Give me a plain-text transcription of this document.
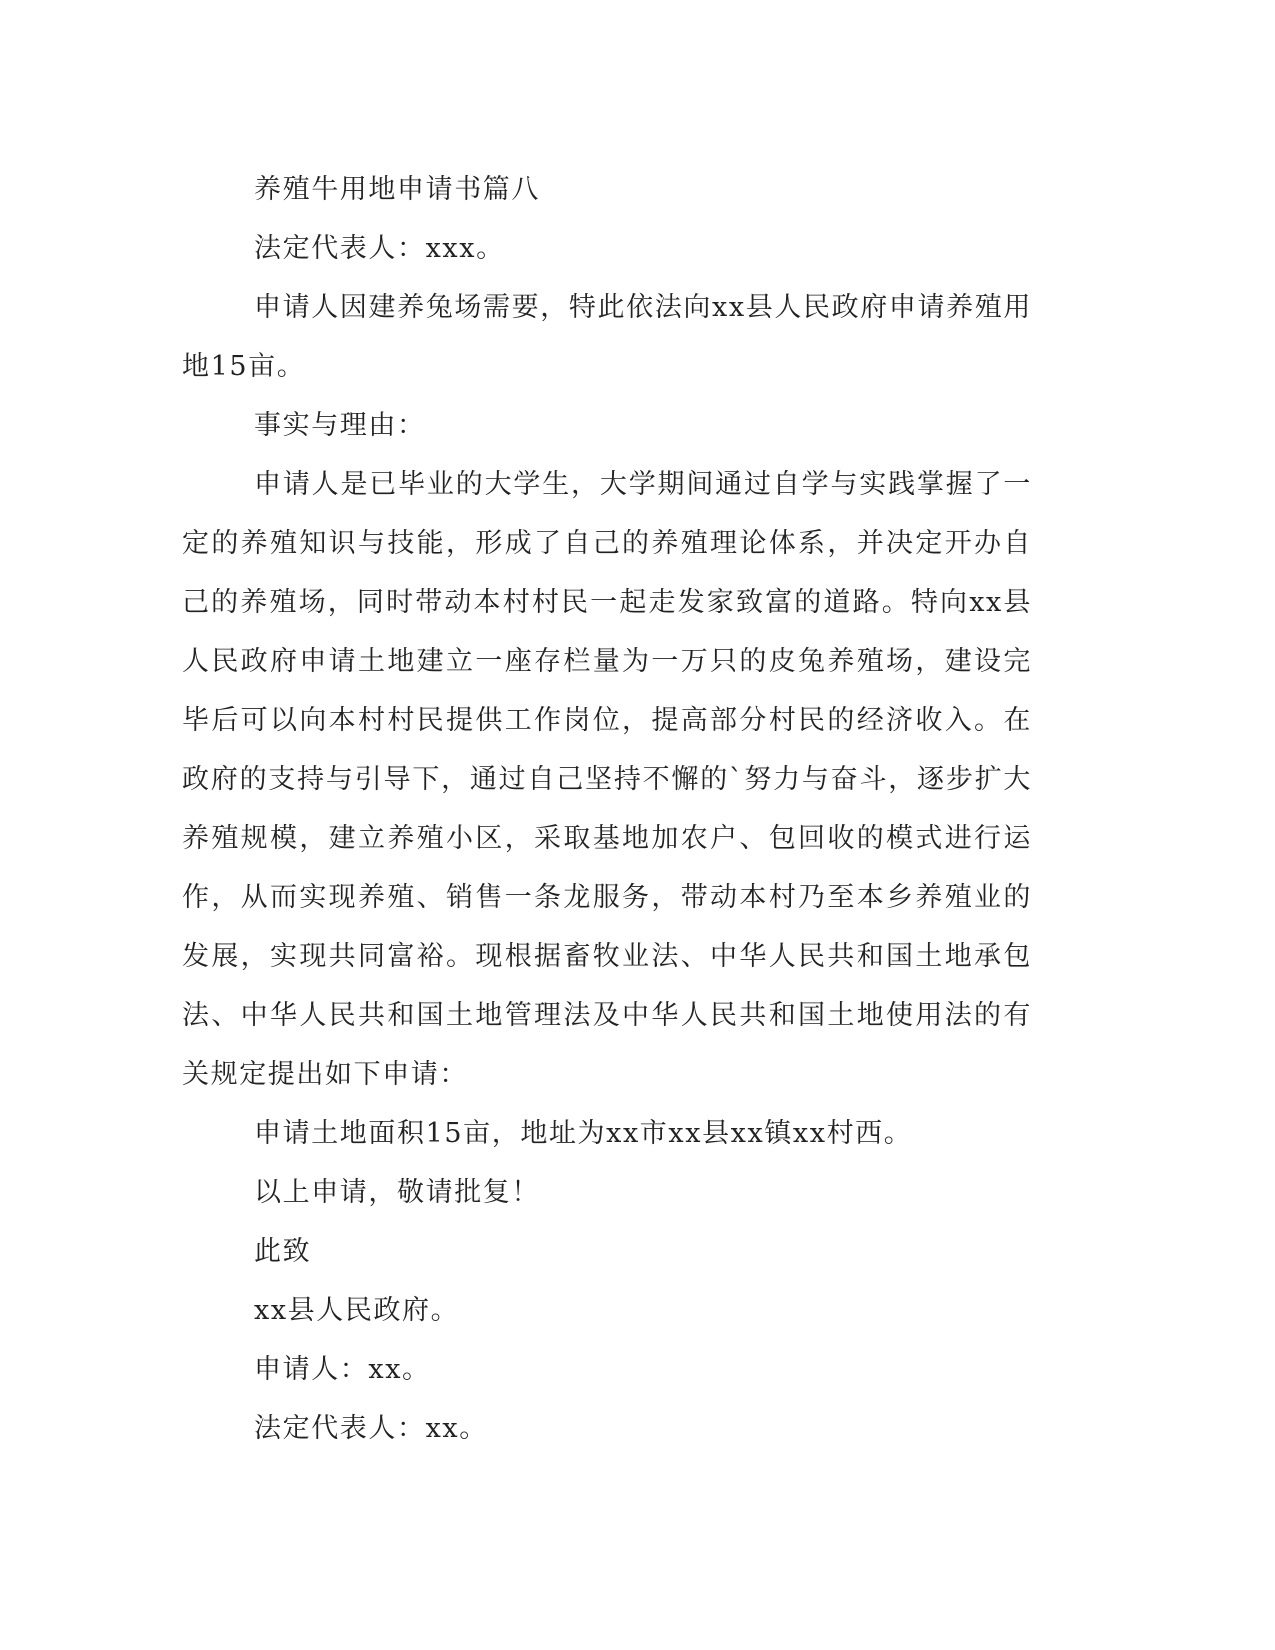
养殖牛用地申请书篇八

法定代表人：xxx。

申请人因建养兔场需要，特此依法向xx县人民政府申请养殖用地15亩。

事实与理由：

申请人是已毕业的大学生，大学期间通过自学与实践掌握了一定的养殖知识与技能，形成了自己的养殖理论体系，并决定开办自己的养殖场，同时带动本村村民一起走发家致富的道路。特向xx县人民政府申请土地建立一座存栏量为一万只的皮兔养殖场，建设完毕后可以向本村村民提供工作岗位，提高部分村民的经济收入。在政府的支持与引导下，通过自己坚持不懈的`努力与奋斗，逐步扩大养殖规模，建立养殖小区，采取基地加农户、包回收的模式进行运作，从而实现养殖、销售一条龙服务，带动本村乃至本乡养殖业的发展，实现共同富裕。现根据畜牧业法、中华人民共和国土地承包法、中华人民共和国土地管理法及中华人民共和国土地使用法的有关规定提出如下申请：

申请土地面积15亩，地址为xx市xx县xx镇xx村西。

以上申请，敬请批复！

此致

xx县人民政府。

申请人：xx。

法定代表人：xx。
